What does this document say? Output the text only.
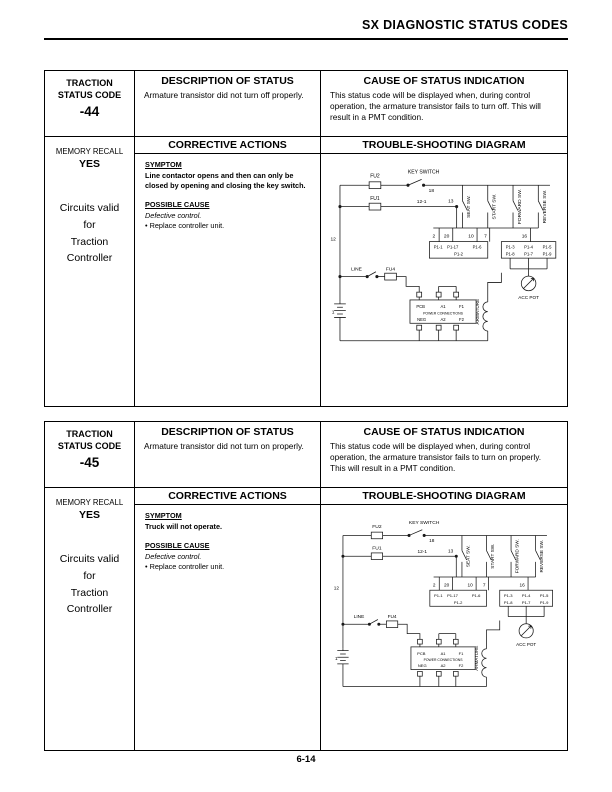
SX DIAGNOSTIC STATUS CODES
TRACTION
STATUS CODE
-44
DESCRIPTION OF STATUS
Armature transistor did not turn off properly.
CAUSE OF STATUS INDICATION
This status code will be displayed when, during control operation, the armature transistor fails to turn off. This will result in a PMT condition.
MEMORY RECALL
YES
Circuits valid
for
Traction
Controller
CORRECTIVE ACTIONS	TROUBLE-SHOOTING DIAGRAM
SYMPTOM
Line contactor opens and then can only be closed by opening and closing the key switch.
POSSIBLE CAUSE
Defective control.
• Replace controller unit.
FU2
KEY SWITCH
18
FU1
12-1	13
12
1
SEAT SW.	START SW.	FORWARD SW.	REVERSE SW.
2 20	10 7	16
P1-1 P1-17	P1-6
P1-2
P1-3 P1-4 P1-5
P1-8 P1-7 P1-9
ACC POT
LINE	FU4
PCB	A1	F1
POWER CONNECTIONS
NEG	A2	F2 ARMATURE
TRACTION
STATUS CODE
-45
DESCRIPTION OF STATUS
Armature transistor did not turn on properly.
CAUSE OF STATUS INDICATION
This status code will be displayed when, during control operation, the armature transistor fails to turn on properly. This will result in a PMT condition.
MEMORY RECALL
YES
Circuits valid
for
Traction
Controller
CORRECTIVE ACTIONS	TROUBLE-SHOOTING DIAGRAM
SYMPTOM
Truck will not operate.
POSSIBLE CAUSE
Defective control.
• Replace controller unit.
FU2
KEY SWITCH
18
FU1
12-1	13
12
1
SEAT SW.	START SW.	FORWARD SW.	REVERSE SW.
2 20	10 7	16
P1-1 P1-17	P1-6
P1-2
P1-3 P1-4 P1-5
P1-8 P1-7 P1-9
ACC POT
LINE	FU4
PCB	A1	F1
POWER CONNECTIONS
NEG	A2	F2 ARMATURE
6-14
